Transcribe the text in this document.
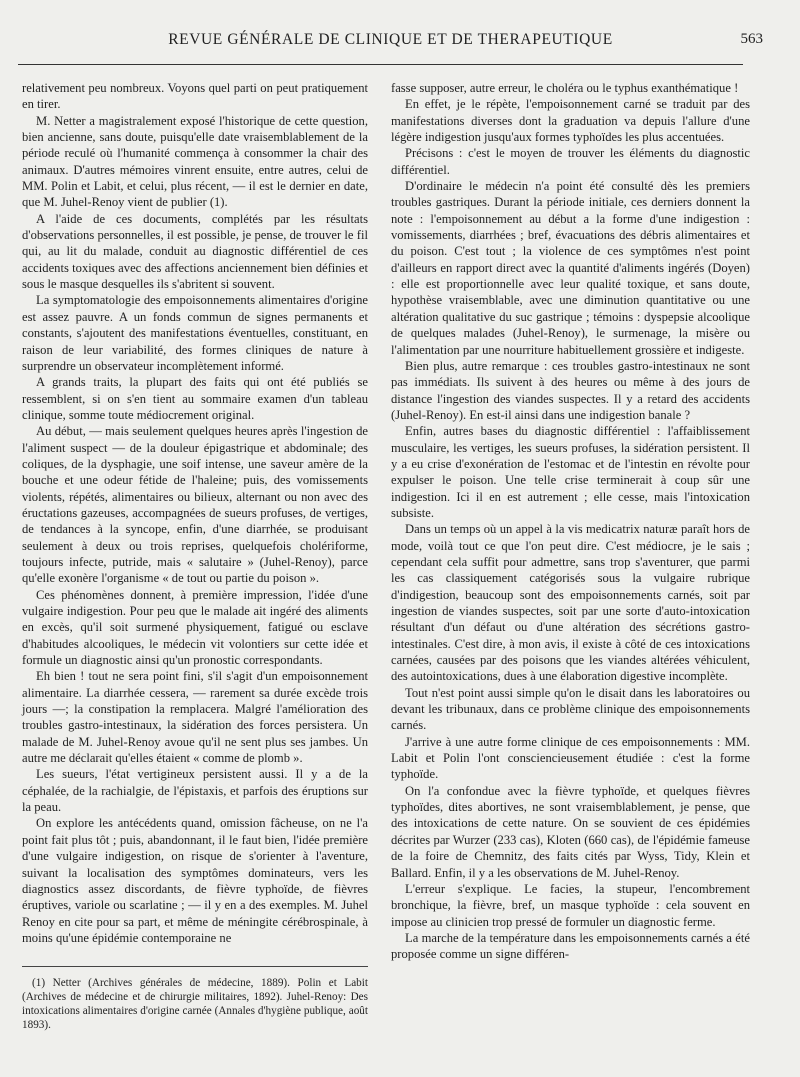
REVUE GÉNÉRALE DE CLINIQUE ET DE THERAPEUTIQUE	563

relativement peu nombreux. Voyons quel parti on peut pratiquement en tirer.

M. Netter a magistralement exposé l'historique de cette question, bien ancienne, sans doute, puisqu'elle date vraisemblablement de la période reculé où l'humanité commença à consommer la chair des animaux. D'autres mémoires vinrent ensuite, entre autres, celui de MM. Polin et Labit, et celui, plus récent, — il est le dernier en date, que M. Juhel-Renoy vient de publier (1).

A l'aide de ces documents, complétés par les résultats d'observations personnelles, il est possible, je pense, de trouver le fil qui, au lit du malade, conduit au diagnostic différentiel de ces accidents toxiques avec des affections anciennement bien définies et sous le masque desquelles ils s'abritent si souvent.

La symptomatologie des empoisonnements alimentaires d'origine est assez pauvre. A un fonds commun de signes permanents et constants, s'ajoutent des manifestations éventuelles, constituant, en raison de leur variabilité, des formes cliniques de nature à surprendre un observateur incomplètement informé.

A grands traits, la plupart des faits qui ont été publiés se ressemblent, si on s'en tient au sommaire examen d'un tableau clinique, somme toute médiocrement original.

Au début, — mais seulement quelques heures après l'ingestion de l'aliment suspect — de la douleur épigastrique et abdominale; des coliques, de la dysphagie, une soif intense, une saveur amère de la bouche et une odeur fétide de l'haleine; puis, des vomissements violents, répétés, alimentaires ou bilieux, alternant ou non avec des éructations gazeuses, accompagnées de sueurs profuses, de vertiges, de tendances à la syncope, enfin, d'une diarrhée, se produisant seulement à deux ou trois reprises, quelquefois cholériforme, toujours infecte, putride, mais « salutaire » (Juhel-Renoy), parce qu'elle exonère l'organisme « de tout ou partie du poison ».

Ces phénomènes donnent, à première impression, l'idée d'une vulgaire indigestion. Pour peu que le malade ait ingéré des aliments en excès, qu'il soit surmené physiquement, fatigué ou esclave d'habitudes alcooliques, le médecin vit volontiers sur cette idée et formule un diagnostic ainsi qu'un pronostic correspondants.

Eh bien ! tout ne sera point fini, s'il s'agit d'un empoisonnement alimentaire. La diarrhée cessera, — rarement sa durée excède trois jours —; la constipation la remplacera. Malgré l'amélioration des troubles gastro-intestinaux, la sidération des forces persistera. Un malade de M. Juhel-Renoy avoue qu'il ne sent plus ses jambes. Un autre me déclarait qu'elles étaient « comme de plomb ».

Les sueurs, l'état vertigineux persistent aussi. Il y a de la céphalée, de la rachialgie, de l'épistaxis, et parfois des éruptions sur la peau.

On explore les antécédents quand, omission fâcheuse, on ne l'a point fait plus tôt ; puis, abandonnant, il le faut bien, l'idée première d'une vulgaire indigestion, on risque de s'orienter à l'aventure, suivant la localisation des symptômes dominateurs, vers les diagnostics assez discordants, de fièvre typhoïde, de fièvres éruptives, variole ou scarlatine ; — il y en a des exemples. M. Juhel Renoy en cite pour sa part, et même de méningite cérébrospinale, à moins qu'une épidémie contemporaine ne

fasse supposer, autre erreur, le choléra ou le typhus exanthématique !

En effet, je le répète, l'empoisonnement carné se traduit par des manifestations diverses dont la graduation va depuis l'allure d'une légère indigestion jusqu'aux formes typhoïdes les plus accentuées.

Précisons : c'est le moyen de trouver les éléments du diagnostic différentiel.

D'ordinaire le médecin n'a point été consulté dès les premiers troubles gastriques. Durant la période initiale, ces derniers donnent la note : l'empoisonnement au début a la forme d'une indigestion : vomissements, diarrhées ; bref, évacuations des débris alimentaires et du poison. C'est tout ; la violence de ces symptômes n'est point d'ailleurs en rapport direct avec la quantité d'aliments ingérés (Doyen) : elle est proportionnelle avec leur qualité toxique, et sans doute, hypothèse vraisemblable, avec une diminution quantitative ou une altération qualitative du suc gastrique ; témoins : dyspepsie alcoolique de quelques malades (Juhel-Renoy), le surmenage, la misère ou l'alimentation par une nourriture habituellement grossière et indigeste.

Bien plus, autre remarque : ces troubles gastro-intestinaux ne sont pas immédiats. Ils suivent à des heures ou même à des jours de distance l'ingestion des viandes suspectes. Il y a retard des accidents (Juhel-Renoy). En est-il ainsi dans une indigestion banale ?

Enfin, autres bases du diagnostic différentiel : l'affaiblissement musculaire, les vertiges, les sueurs profuses, la sidération persistent. Il y a eu crise d'exonération de l'estomac et de l'intestin en révolte pour expulser le poison. Une telle crise terminerait à coup sûr une indigestion. Ici il en est autrement ; elle cesse, mais l'intoxication subsiste.

Dans un temps où un appel à la vis medicatrix naturæ paraît hors de mode, voilà tout ce que l'on peut dire. C'est médiocre, je le sais ; cependant cela suffit pour admettre, sans trop s'aventurer, que parmi les cas classiquement catégorisés sous la vulgaire rubrique d'indigestion, beaucoup sont des empoisonnements carnés, soit par ingestion de viandes suspectes, soit par une sorte d'auto-intoxication résultant d'un défaut ou d'une altération des sécrétions gastro-intestinales. C'est dire, à mon avis, il existe à côté de ces intoxications carnées, causées par des poisons que les viandes altérées véhiculent, des autointoxications, dues à une élaboration digestive incomplète.

Tout n'est point aussi simple qu'on le disait dans les laboratoires ou devant les tribunaux, dans ce problème clinique des empoisonnements carnés.

J'arrive à une autre forme clinique de ces empoisonnements : MM. Labit et Polin l'ont consciencieusement étudiée : c'est la forme typhoïde.

On l'a confondue avec la fièvre typhoïde, et quelques fièvres typhoïdes, dites abortives, ne sont vraisemblablement, je pense, que des intoxications de cette nature. On se souvient de ces épidémies décrites par Wurzer (233 cas), Kloten (660 cas), de l'épidémie fameuse de la foire de Chemnitz, des faits cités par Wyss, Tidy, Klein et Ballard. Enfin, il y a les observations de M. Juhel-Renoy.

L'erreur s'explique. Le facies, la stupeur, l'encombrement bronchique, la fièvre, bref, un masque typhoïde : cela souvent en impose au clinicien trop pressé de formuler un diagnostic ferme.

La marche de la température dans les empoisonnements carnés a été proposée comme un signe différen-

(1) Netter (Archives générales de médecine, 1889). Polin et Labit (Archives de médecine et de chirurgie militaires, 1892). Juhel-Renoy: Des intoxications alimentaires d'origine carnée (Annales d'hygiène publique, août 1893).
